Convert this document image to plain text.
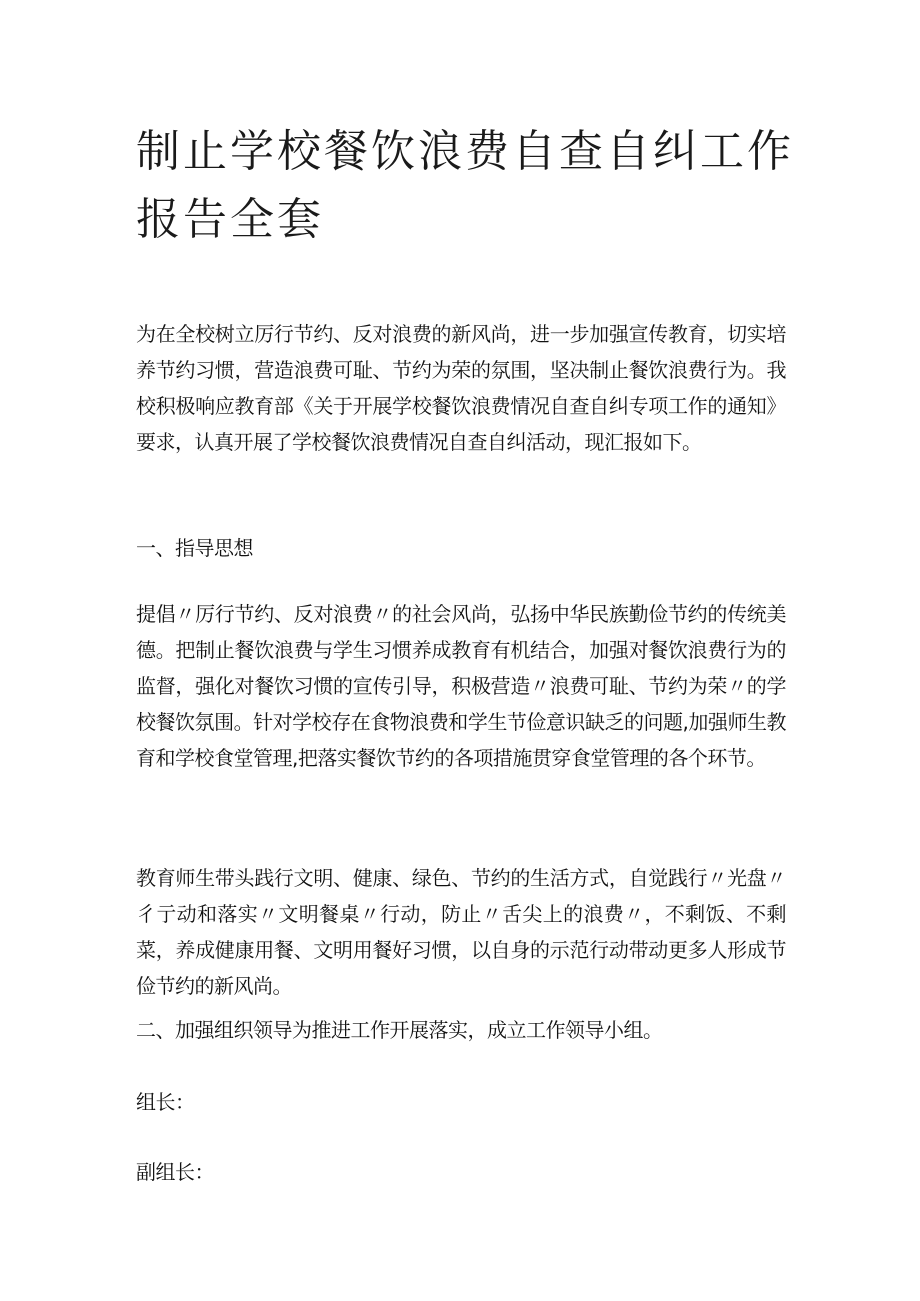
制止学校餐饮浪费自查自纠工作报告全套

为在全校树立厉行节约、反对浪费的新风尚，进一步加强宣传教育，切实培养节约习惯，营造浪费可耻、节约为荣的氛围，坚决制止餐饮浪费行为。我校积极响应教育部《关于开展学校餐饮浪费情况自查自纠专项工作的通知》要求，认真开展了学校餐饮浪费情况自查自纠活动，现汇报如下。

一、指导思想

提倡〃厉行节约、反对浪费〃的社会风尚，弘扬中华民族勤俭节约的传统美德。把制止餐饮浪费与学生习惯养成教育有机结合，加强对餐饮浪费行为的监督，强化对餐饮习惯的宣传引导，积极营造〃浪费可耻、节约为荣〃的学校餐饮氛围。针对学校存在食物浪费和学生节俭意识缺乏的问题,加强师生教育和学校食堂管理,把落实餐饮节约的各项措施贯穿食堂管理的各个环节。

教育师生带头践行文明、健康、绿色、节约的生活方式，自觉践行〃光盘〃彳亍动和落实〃文明餐桌〃行动，防止〃舌尖上的浪费〃，不剩饭、不剩菜，养成健康用餐、文明用餐好习惯，以自身的示范行动带动更多人形成节俭节约的新风尚。

二、加强组织领导为推进工作开展落实，成立工作领导小组。

组长：

副组长：
